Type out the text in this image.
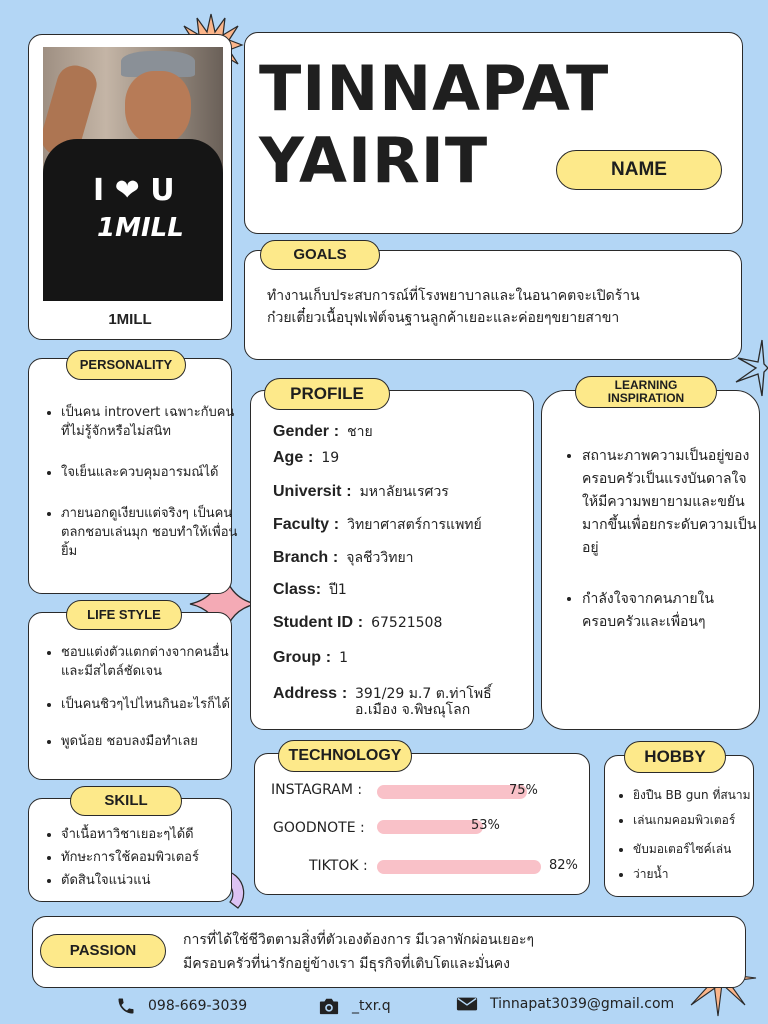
I ❤ U
1MILL
1MILL
TINNAPAT
YAIRIT	NAME
ทำงานเก็บประสบการณ์ที่โรงพยาบาลและในอนาคตจะเปิดร้าน
ก๋วยเตี๋ยวเนื้อบุฟเฟ่ต์จนฐานลูกค้าเยอะและค่อยๆขยายสาขา
GOALS
• เป็นคน introvert เฉพาะกับคนที่ไม่รู้จักหรือไม่สนิท
• ใจเย็นและควบคุมอารมณ์ได้
• ภายนอกดูเงียบแต่จริงๆ เป็นคนตลกชอบเล่นมุก ชอบทำให้เพื่อนยิ้ม
PERSONALITY
• ชอบแต่งตัวแตกต่างจากคนอื่นและมีสไตล์ชัดเจน
• เป็นคนชิวๆไปไหนกินอะไรก็ได้
• พูดน้อย ชอบลงมือทำเลย
LIFE STYLE
• จำเนื้อหาวิชาเยอะๆได้ดี
• ทักษะการใช้คอมพิวเตอร์
• ตัดสินใจแน่วแน่
SKILL
Gender : ชาย
Age : 19
Universit : มหาลัยนเรศวร
Faculty : วิทยาศาสตร์การแพทย์
Branch : จุลชีววิทยา
Class: ปี1
Student ID : 67521508
Group : 1
Address : 391/29 ม.7 ต.ท่าโพธิ์
อ.เมือง จ.พิษณุโลก
PROFILE
• สถานะภาพความเป็นอยู่ของครอบครัวเป็นแรงบันดาลใจให้มีความพยายามและขยันมากขึ้นเพื่อยกระดับความเป็นอยู่
• กำลังใจจากคนภายในครอบครัวและเพื่อนๆ
LEARNING
INSPIRATION
INSTAGRAM :	75%
GOODNOTE :	53%
TIKTOK :	82%
TECHNOLOGY
• ยิงปืน BB gun ที่สนาม
• เล่นเกมคอมพิวเตอร์
• ขับมอเตอร์ไซค์เล่น
• ว่ายน้ำ
HOBBY
การที่ได้ใช้ชีวิตตามสิ่งที่ตัวเองต้องการ มีเวลาพักผ่อนเยอะๆ
มีครอบครัวที่น่ารักอยู่ข้างเรา มีธุรกิจที่เติบโตและมั่นคง
PASSION
098-669-3039	_txr.q	Tinnapat3039@gmail.com
